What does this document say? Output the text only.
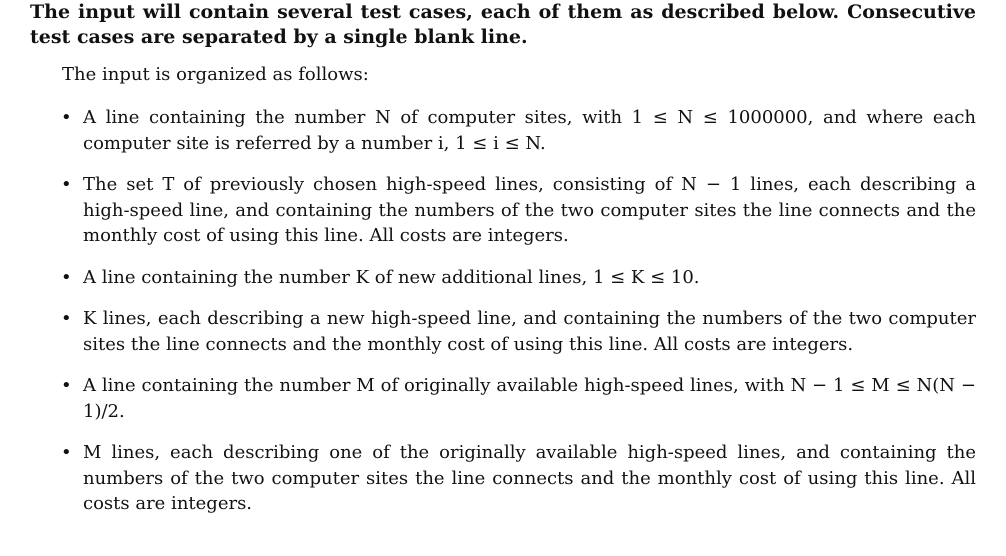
The input will contain several test cases, each of them as described below. Consecutive test cases are separated by a single blank line.

The input is organized as follows:

• A line containing the number N of computer sites, with 1 ≤ N ≤ 1000000, and where each computer site is referred by a number i, 1 ≤ i ≤ N.
• The set T of previously chosen high-speed lines, consisting of N − 1 lines, each describing a high-speed line, and containing the numbers of the two computer sites the line connects and the monthly cost of using this line. All costs are integers.
• A line containing the number K of new additional lines, 1 ≤ K ≤ 10.
• K lines, each describing a new high-speed line, and containing the numbers of the two computer sites the line connects and the monthly cost of using this line. All costs are integers.
• A line containing the number M of originally available high-speed lines, with N − 1 ≤ M ≤ N(N − 1)/2.
• M lines, each describing one of the originally available high-speed lines, and containing the numbers of the two computer sites the line connects and the monthly cost of using this line. All costs are integers.
